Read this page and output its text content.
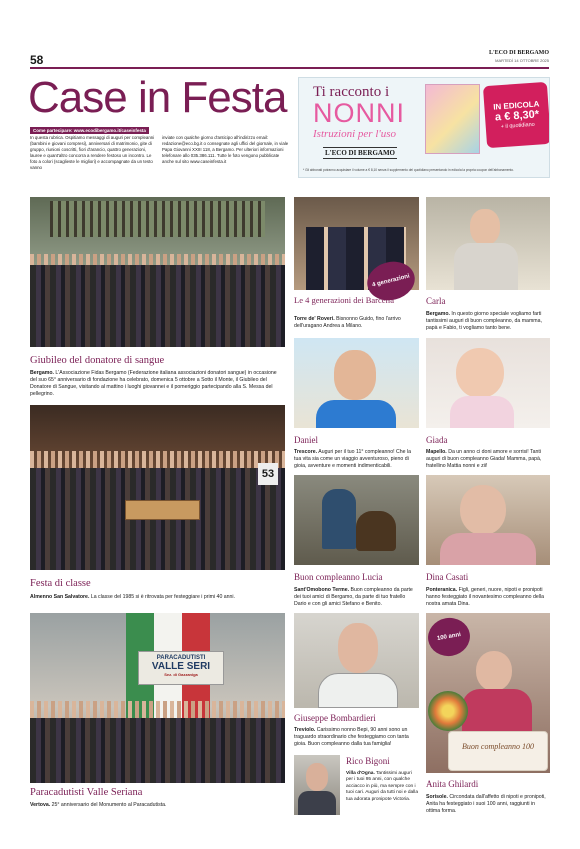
58	L'ECO DI BERGAMO
MARTEDÌ 14 OTTOBRE 2025
Case in Festa
Come partecipare: www.ecodibergamo.it/caseinfesta
In questa rubrica. Ospitiamo messaggi di auguri per compleanni (bambini e giovani compresi), anniversari di matrimonio, gite di gruppo, riunioni coscritti, fiori d'arancio, quattro generazioni, lauree e quant'altro concorra a rendere festoso un incontro. Le foto a colori (scaglieste le migliori) e accompagnate da un testo vanno
inviate con qualche giorno d'anticipo all'indirizzo email: redazione@eco.bg.it o consegnate agli uffici del giornale, in viale Papa Giovanni XXIII 118, a Bergamo. Per ulteriori informazioni telefonare allo 035.386.111. Tutte le foto vengono pubblicate anche sul sito www.caseinfesta.it
Ti racconto i
NONNI
Istruzioni per l'uso
L'ECO DI BERGAMO
IN EDICOLA
a € 8,30*
+ il quotidiano
* Gli abbonati potranno acquistare il volume a € 8,10 senza il supplemento del quotidiano presentando in edicola la propria coupon dell'abbonamento.
Giubileo del donatore di sangue
Bergamo. L'Associazione Fidas Bergamo (Federazione italiana associazioni donatori sangue) in occasione del suo 65° anniversario di fondazione ha celebrato, domenica 5 ottobre a Sotto il Monte, il Giubileo del Donatore di Sangue, visitando al mattino i luoghi giovannei e il pomeriggio partecipando alla S. Messa del pellegrino.
53
Festa di classe
Almenno San Salvatore. La classe del 1985 si è ritrovata per festeggiare i primi 40 anni.
PARACADUTISTI
VALLE SERI
Sez. di Gazzaniga
Paracadutisti Valle Seriana
Vertova. 25° anniversario del Monumento al Paracadutista.
4 generazioni
Le 4 generazioni dei Barcella
Torre de' Roveri. Bisnonno Guido, fino l'arrivo dell'uragano Andrea a Milano.
Daniel
Trescore. Auguri per il tuo 11° compleanno! Che la tua vita sia come un viaggio avventuroso, pieno di gioia, avventure e momenti indimenticabili.
Buon compleanno Lucia
Sant'Omobono Terme. Buon compleanno da parte dei tuoi amici di Bergamo, da parte di tuo fratello Dario e con gli amici Stefano e Benito.
Giuseppe Bombardieri
Treviolo. Carissimo nonno Bepi, 90 anni sono un traguardo straordinario che festeggiamo con tanta gioia. Buon compleanno dalla tua famiglia!
Rico Bigoni
Villa d'Ogna. Tantissimi auguri per i tuoi 95 anni, con qualche acciacco in più, ma sempre con i tuoi cari. Auguri da tutti noi e dalla tua adorata pronipote Victoria.
Carla
Bergamo. In questo giorno speciale vogliamo farti tantissimi auguri di buon compleanno, da mamma, papà e Fabio, ti vogliamo tanto bene.
Giada
Mapello. Da un anno ci doni amore e sorrisi! Tanti auguri di buon compleanno Giada! Mamma, papà, fratellino Mattia nonni e zii!
Dina Casati
Ponteranica. Figli, generi, nuore, nipoti e pronipoti hanno festeggiato il novantesimo compleanno della nostra amata Dina.
Buon compleanno 100
100 anni
Anita Ghilardi
Sorisole. Circondata dall'affetto di nipoti e pronipoti, Anita ha festeggiato i suoi 100 anni, raggiunti in ottima forma.
